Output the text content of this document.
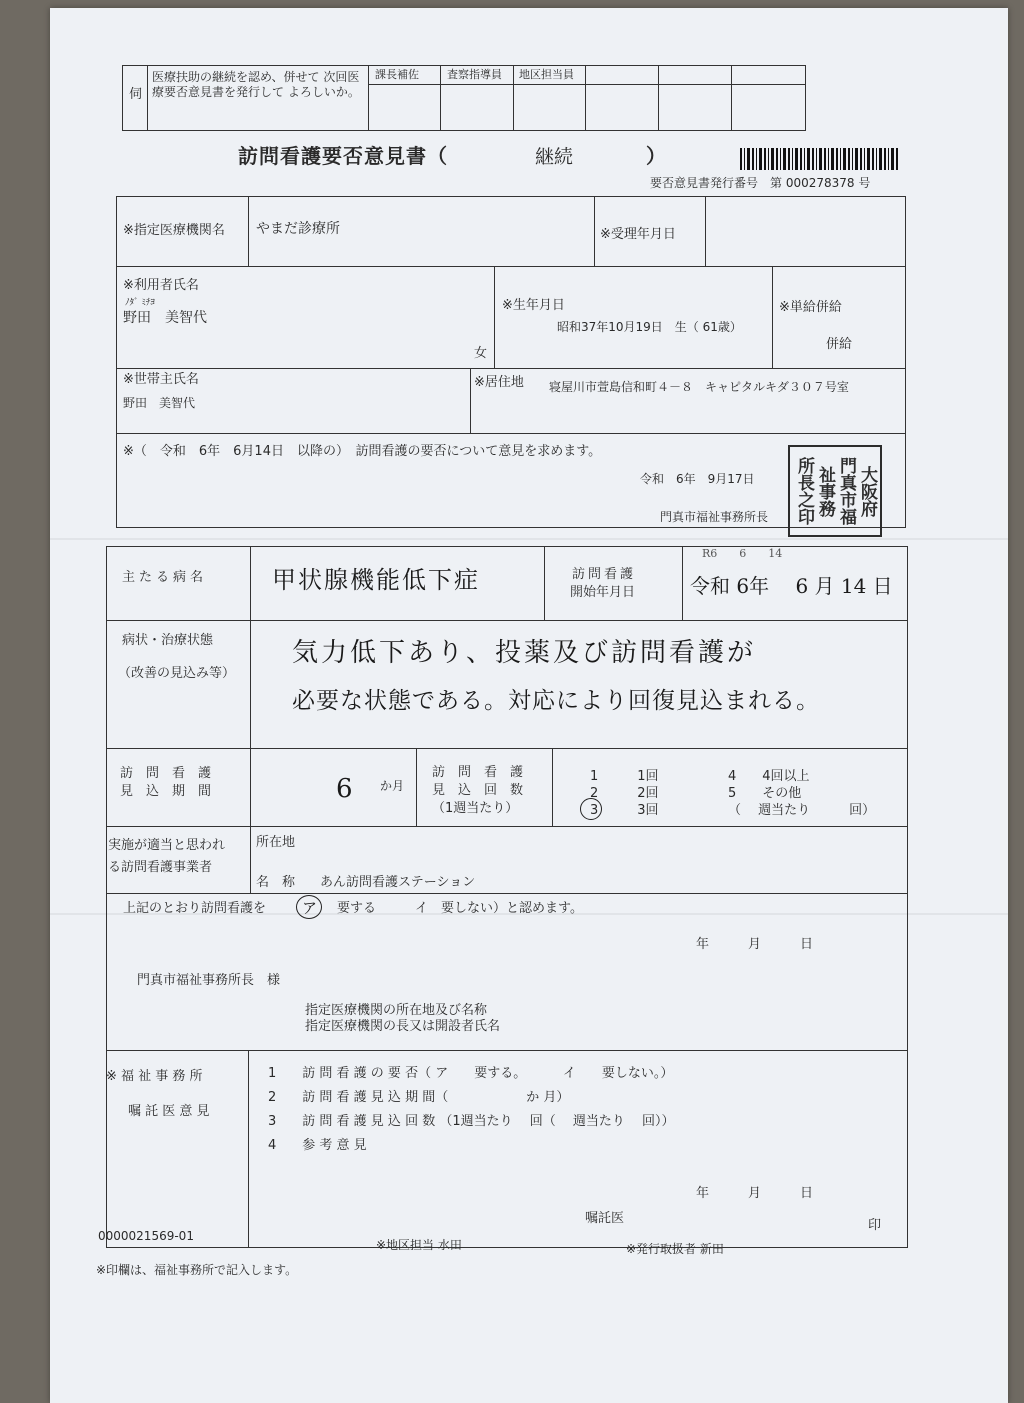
伺
医療扶助の継続を認め、併せて 次回医療要否意見書を発行して よろしいか。
課長補佐	査察指導員 地区担当員
訪問看護要否意見書（	継続	）
要否意見書発行番号　第 000278378 号
※指定医療機関名 やまだ診療所	※受理年月日
※利用者氏名
ﾉﾀﾞ ﾐﾁﾖ
野田　美智代
女
※生年月日
昭和37年10月19日　生（ 61歳）
※単給併給
併給
※世帯主氏名
野田　美智代
※居住地 寝屋川市萱島信和町４－８　キャピタルキダ３０７号室
※（　令和　6年　6月14日　以降の）　訪問看護の要否について意見を求めます。
令和　6年　9月17日
門真市福祉事務所長
大阪府
門真市福
祉事務
所長之印
主たる病名	甲状腺機能低下症	訪問看護
開始年月日
R6　　6　　14
令和 6年　 6 月 14 日
病状・治療状態
（改善の見込み等）
気力低下あり、投薬及び訪問看護が
必要な状態である。対応により回復見込まれる。
訪　問　看　護
見　込　期　間	6 か月
訪　問　看　護
見　込　回　数
（1週当たり）
1　　　1回
2　　　2回
3　　　3回
4　　4回以上
5　　その他
（　 週当たり　　　回）
実施が適当と思われ
る訪問看護事業者
所在地
名　称 あん訪問看護ステーション
上記のとおり訪問看護を ア 要する	イ　要しない）と認めます。
年　　　月　　　日
門真市福祉事務所長　様
指定医療機関の所在地及び名称
指定医療機関の長又は開設者氏名
※ 福 祉 事 務 所
嘱 託 医 意 見
1　　訪 問 看 護 の 要 否（ ア　　要する。　　　 イ　　要しない。）
2　　訪 問 看 護 見 込 期 間（　　　　　　か 月）
3　　訪 問 看 護 見 込 回 数 （1週当たり　 回（　 週当たり　 回））
4　　参 考 意 見
年　　　月　　　日
嘱託医	印
0000021569-01
※地区担当 水田	※発行取扱者 新田
※印欄は、福祉事務所で記入します。
